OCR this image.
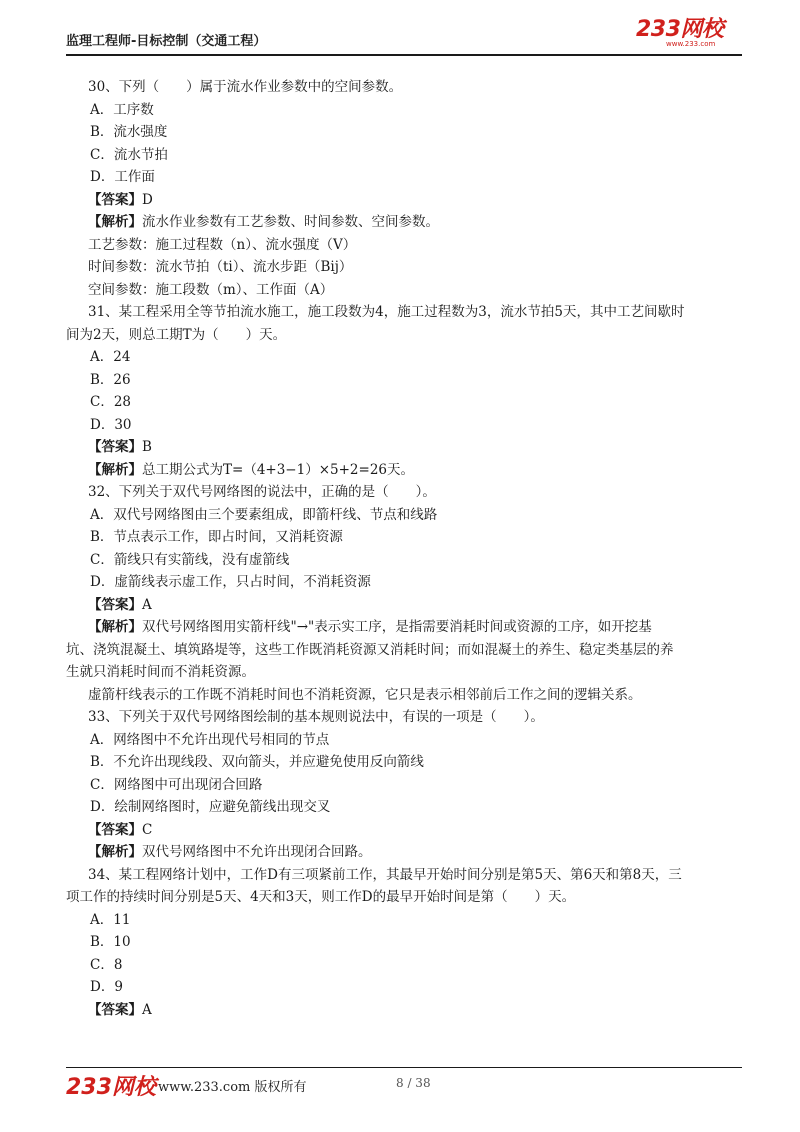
监理工程师-目标控制（交通工程）	233网校
www.233.com
30、下列（　　）属于流水作业参数中的空间参数。
A．工序数
B．流水强度
C．流水节拍
D．工作面
【答案】D
【解析】流水作业参数有工艺参数、时间参数、空间参数。
工艺参数：施工过程数（n）、流水强度（V）
时间参数：流水节拍（ti）、流水步距（Bij）
空间参数：施工段数（m）、工作面（A）
31、某工程采用全等节拍流水施工，施工段数为4，施工过程数为3，流水节拍5天，其中工艺间歇时
间为2天，则总工期T为（　　）天。
A．24
B．26
C．28
D．30
【答案】B
【解析】总工期公式为T=（4+3−1）×5+2=26天。
32、下列关于双代号网络图的说法中，正确的是（　　）。
A．双代号网络图由三个要素组成，即箭杆线、节点和线路
B．节点表示工作，即占时间，又消耗资源
C．箭线只有实箭线，没有虚箭线
D．虚箭线表示虚工作，只占时间，不消耗资源
【答案】A
【解析】双代号网络图用实箭杆线"→"表示实工序，是指需要消耗时间或资源的工序，如开挖基
坑、浇筑混凝土、填筑路堤等，这些工作既消耗资源又消耗时间；而如混凝土的养生、稳定类基层的养
生就只消耗时间而不消耗资源。
虚箭杆线表示的工作既不消耗时间也不消耗资源，它只是表示相邻前后工作之间的逻辑关系。
33、下列关于双代号网络图绘制的基本规则说法中，有误的一项是（　　）。
A．网络图中不允许出现代号相同的节点
B．不允许出现线段、双向箭头，并应避免使用反向箭线
C．网络图中可出现闭合回路
D．绘制网络图时，应避免箭线出现交叉
【答案】C
【解析】双代号网络图中不允许出现闭合回路。
34、某工程网络计划中，工作D有三项紧前工作，其最早开始时间分别是第5天、第6天和第8天，三
项工作的持续时间分别是5天、4天和3天，则工作D的最早开始时间是第（　　）天。
A．11
B．10
C．8
D．9
【答案】A
233网校 www.233.com 版权所有	8 / 38
